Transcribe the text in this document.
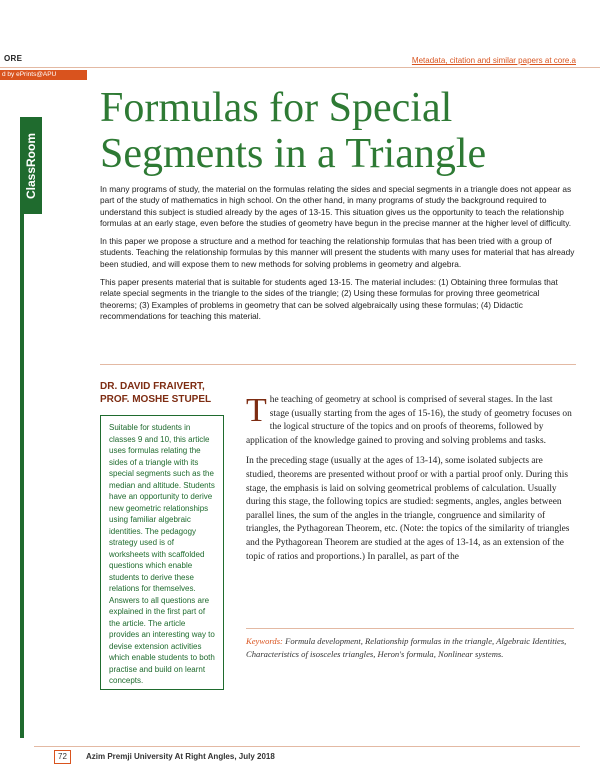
ORE	Metadata, citation and similar papers at core.a
d by ePrints@APU
ClassRoom
Formulas for Special
Segments in a Triangle

In many programs of study, the material on the formulas relating the sides and special segments in a triangle does not appear as part of the study of mathematics in high school. On the other hand, in many programs of study the background required to understand this subject is studied already by the ages of 13-15. This situation gives us the opportunity to teach the relationship formulas at an early stage, even before the studies of geometry have begun in the precise manner at the higher level of difficulty.

In this paper we propose a structure and a method for teaching the relationship formulas that has been tried with a group of students. Teaching the relationship formulas by this manner will present the students with many uses for material that has already been studied, and will expose them to new methods for solving problems in geometry and algebra.

This paper presents material that is suitable for students aged 13-15. The material includes: (1) Obtaining three formulas that relate special segments in the triangle to the sides of the triangle; (2) Using these formulas for proving three geometrical theorems; (3) Examples of problems in geometry that can be solved algebraically using these formulas; (4) Didactic recommendations for teaching this material.

DR. DAVID FRAIVERT,
PROF. MOSHE STUPEL
Suitable for students in classes 9 and 10, this article uses formulas relating the sides of a triangle with its special segments such as the median and altitude. Students have an opportunity to derive new geometric relationships using familiar algebraic identities. The pedagogy strategy used is of worksheets with scaffolded questions which enable students to derive these relations for themselves. Answers to all questions are explained in the first part of the article. The article provides an interesting way to devise extension activities which enable students to both practise and build on learnt concepts.

The teaching of geometry at school is comprised of several stages. In the last stage (usually starting from the ages of 15-16), the study of geometry focuses on the logical structure of the topics and on proofs of theorems, followed by application of the knowledge gained to proving and solving problems and tasks.

In the preceding stage (usually at the ages of 13-14), some isolated subjects are studied, theorems are presented without proof or with a partial proof only. During this stage, the emphasis is laid on solving geometrical problems of calculation. Usually during this stage, the following topics are studied: segments, angles, angles between parallel lines, the sum of the angles in the triangle, congruence and similarity of triangles, the Pythagorean Theorem, etc. (Note: the topics of the similarity of triangles and the Pythagorean Theorem are studied at the ages of 13-14, as an extension of the topic of ratios and proportions.) In parallel, as part of the

Keywords: Formula development, Relationship formulas in the triangle, Algebraic Identities, Characteristics of isosceles triangles, Heron's formula, Nonlinear systems.
72	Azim Premji University At Right Angles, July 2018
